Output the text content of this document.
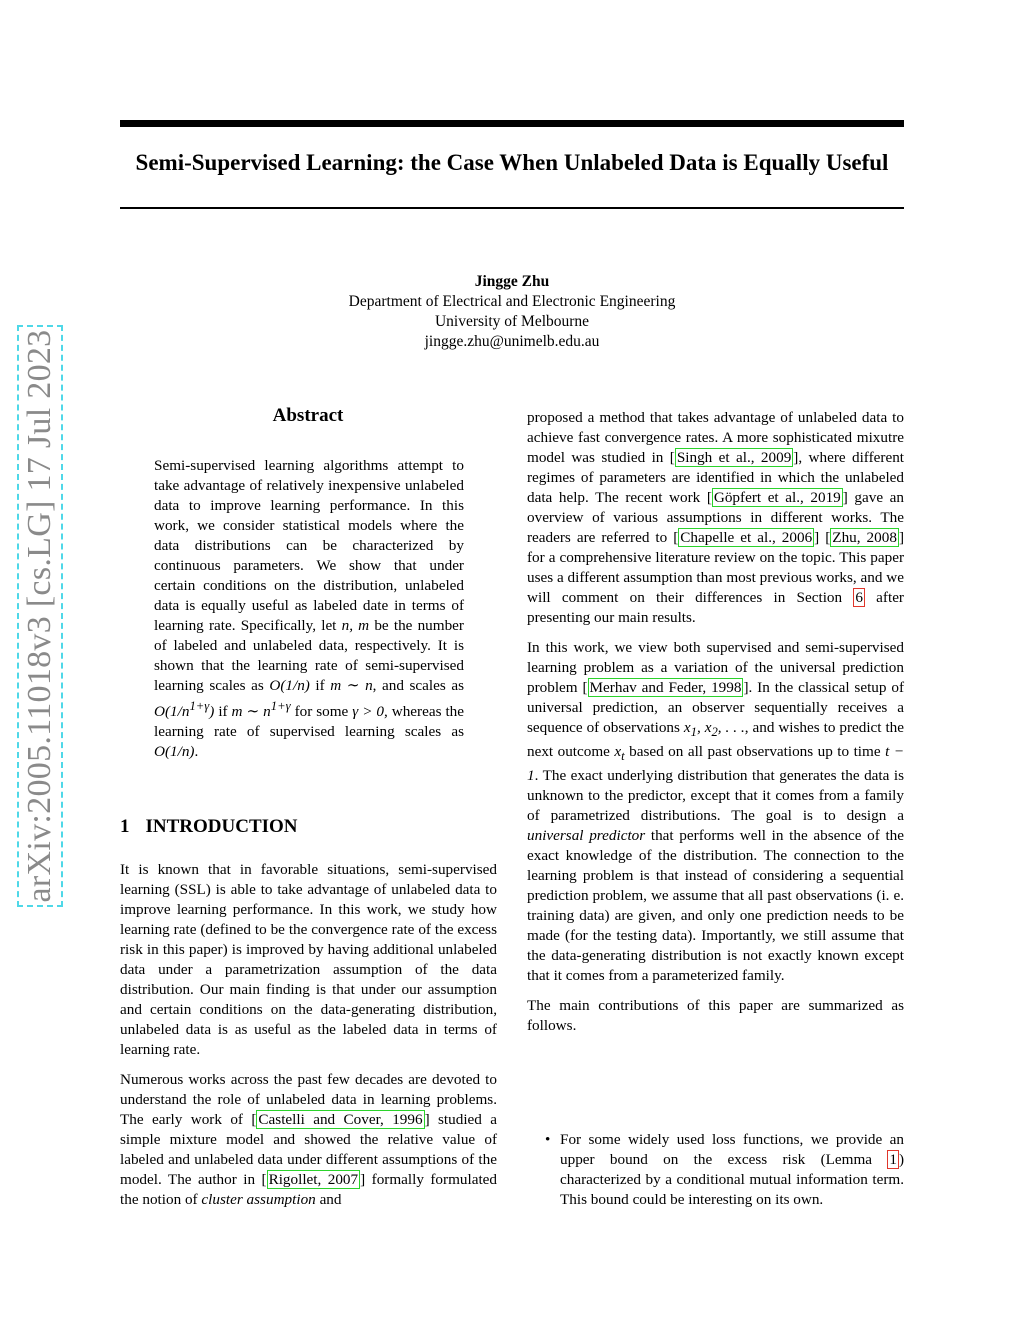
Semi-Supervised Learning: the Case When Unlabeled Data is Equally Useful
Jingge Zhu
Department of Electrical and Electronic Engineering
University of Melbourne
jingge.zhu@unimelb.edu.au
arXiv:2005.11018v3 [cs.LG] 17 Jul 2023	Abstract
Semi-supervised learning algorithms attempt to take advantage of relatively inexpensive unlabeled data to improve learning performance. In this work, we consider statistical models where the data distributions can be characterized by continuous parameters. We show that under certain conditions on the distribution, unlabeled data is equally useful as labeled date in terms of learning rate. Specifically, let n, m be the number of labeled and unlabeled data, respectively. It is shown that the learning rate of semi-supervised learning scales as O(1/n) if m ∼ n, and scales as $O(1/n^{1+\gamma})$ if m ∼ $n^{1+\gamma}$ for some γ > 0, whereas the learning rate of supervised learning scales as O(1/n).
1 INTRODUCTION

It is known that in favorable situations, semi-supervised learning (SSL) is able to take advantage of unlabeled data to improve learning performance. In this work, we study how learning rate (defined to be the convergence rate of the excess risk in this paper) is improved by having additional unlabeled data under a parametrization assumption of the data distribution. Our main finding is that under our assumption and certain conditions on the data-generating distribution, unlabeled data is as useful as the labeled data in terms of learning rate.

Numerous works across the past few decades are devoted to understand the role of unlabeled data in learning problems. The early work of [ Castelli and Cover, 1996 ] studied a simple mixture model and showed the relative value of labeled and unlabeled data under different assumptions of the model. The author in [ Rigollet, 2007 ] formally formulated the notion of cluster assumption and

proposed a method that takes advantage of unlabeled data to achieve fast convergence rates. A more sophisticated mixutre model was studied in [ Singh et al., 2009 ], where different regimes of parameters are identified in which the unlabeled data help. The recent work [ Göpfert et al., 2019 ] gave an overview of various assumptions in different works. The readers are referred to [ Chapelle et al., 2006 ] [ Zhu, 2008 ] for a comprehensive literature review on the topic. This paper uses a different assumption than most previous works, and we will comment on their differences in Section 6 after presenting our main results.

In this work, we view both supervised and semi-supervised learning problem as a variation of the universal prediction problem [ Merhav and Feder, 1998 ]. In the classical setup of universal prediction, an observer sequentially receives a sequence of observations $x_1$, $x_2$, . . ., and wishes to predict the next outcome $x_t$ based on all past observations up to time t − 1. The exact underlying distribution that generates the data is unknown to the predictor, except that it comes from a family of parametrized distributions. The goal is to design a universal predictor that performs well in the absence of the exact knowledge of the distribution. The connection to the learning problem is that instead of considering a sequential prediction problem, we assume that all past observations (i. e. training data) are given, and only one prediction needs to be made (for the testing data). Importantly, we still assume that the data-generating distribution is not exactly known except that it comes from a parameterized family.

The main contributions of this paper are summarized as follows.

• For some widely used loss functions, we provide an upper bound on the excess risk (Lemma 1 ) characterized by a conditional mutual information term. This bound could be interesting on its own.
